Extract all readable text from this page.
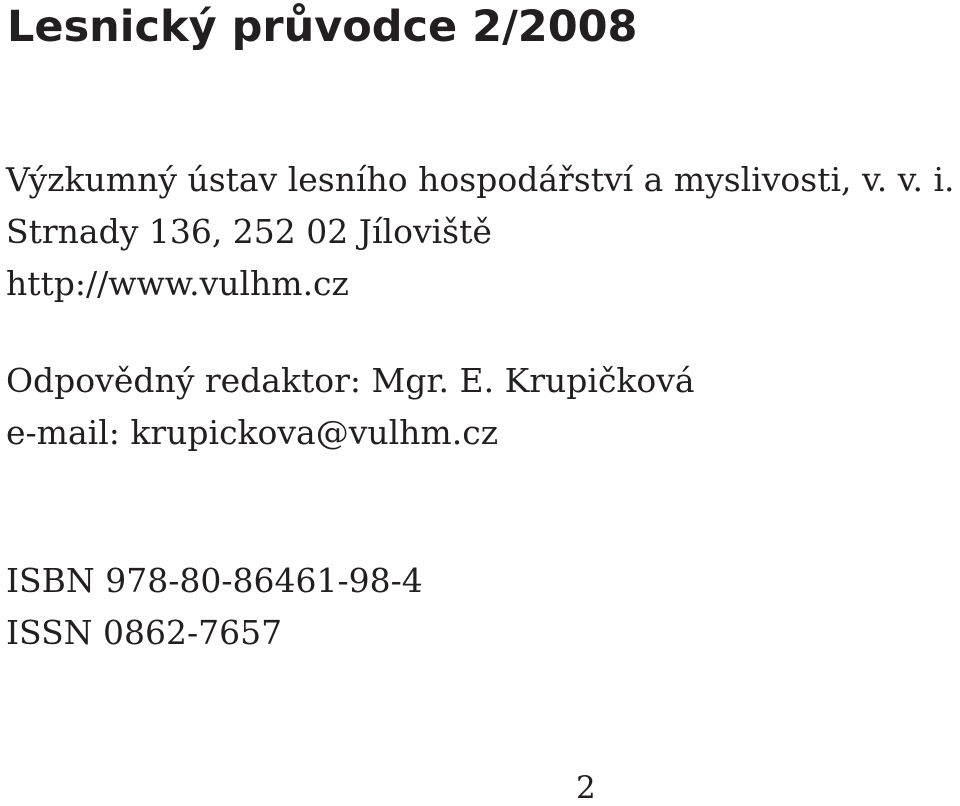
Lesnický průvodce 2/2008
Výzkumný ústav lesního hospodářství a myslivosti, v. v. i.
Strnady 136, 252 02 Jíloviště
http://www.vulhm.cz
Odpovědný redaktor: Mgr. E. Krupičková
e-mail: krupickova@vulhm.cz
ISBN 978-80-86461-98-4
ISSN 0862-7657
2
